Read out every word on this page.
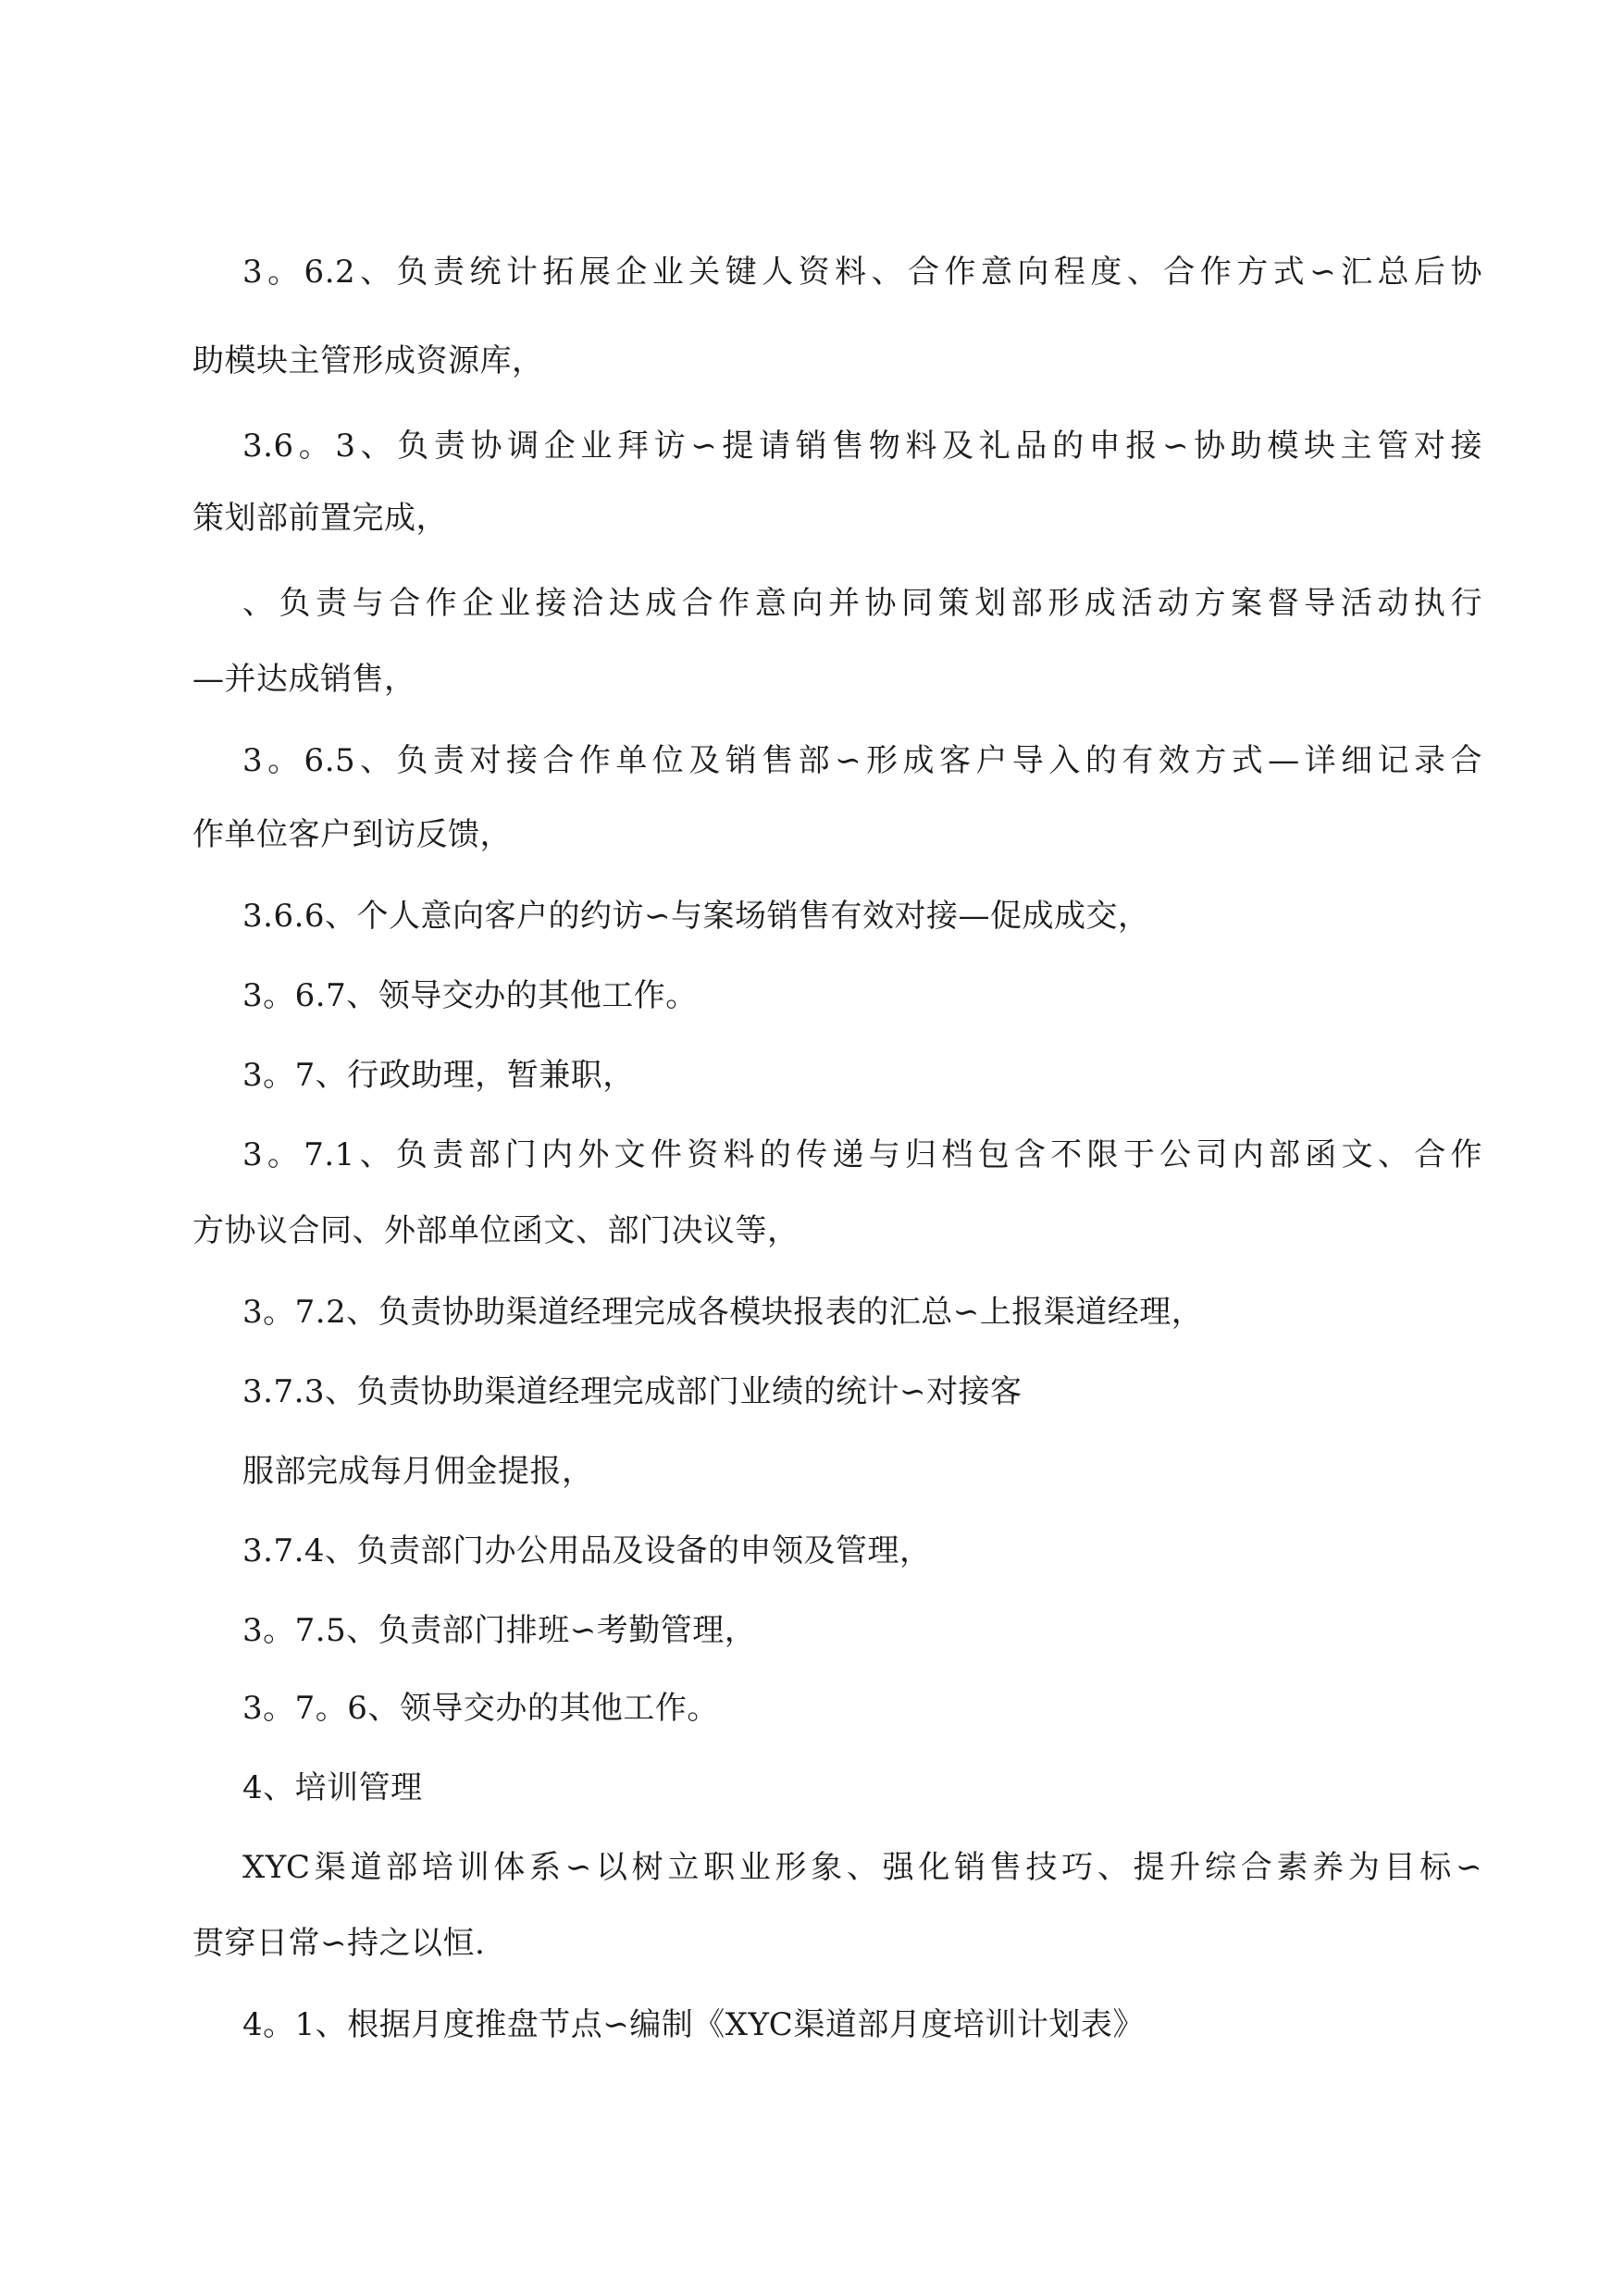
3。6.2、负责统计拓展企业关键人资料、合作意向程度、合作方式∽汇总后协

助模块主管形成资源库，

3.6。3、负责协调企业拜访∽提请销售物料及礼品的申报∽协助模块主管对接

策划部前置完成，

、负责与合作企业接洽达成合作意向并协同策划部形成活动方案督导活动执行

—并达成销售，

3。6.5、负责对接合作单位及销售部∽形成客户导入的有效方式—详细记录合

作单位客户到访反馈，

3.6.6、个人意向客户的约访∽与案场销售有效对接—促成成交，

3。6.7、领导交办的其他工作。

3。7、行政助理，暂兼职，

3。7.1、负责部门内外文件资料的传递与归档包含不限于公司内部函文、合作

方协议合同、外部单位函文、部门决议等，

3。7.2、负责协助渠道经理完成各模块报表的汇总∽上报渠道经理，

3.7.3、负责协助渠道经理完成部门业绩的统计∽对接客

服部完成每月佣金提报，

3.7.4、负责部门办公用品及设备的申领及管理，

3。7.5、负责部门排班∽考勤管理，

3。7。6、领导交办的其他工作。

4、培训管理

XYC渠道部培训体系∽以树立职业形象、强化销售技巧、提升综合素养为目标∽

贯穿日常∽持之以恒.

4。1、根据月度推盘节点∽编制《XYC渠道部月度培训计划表》
